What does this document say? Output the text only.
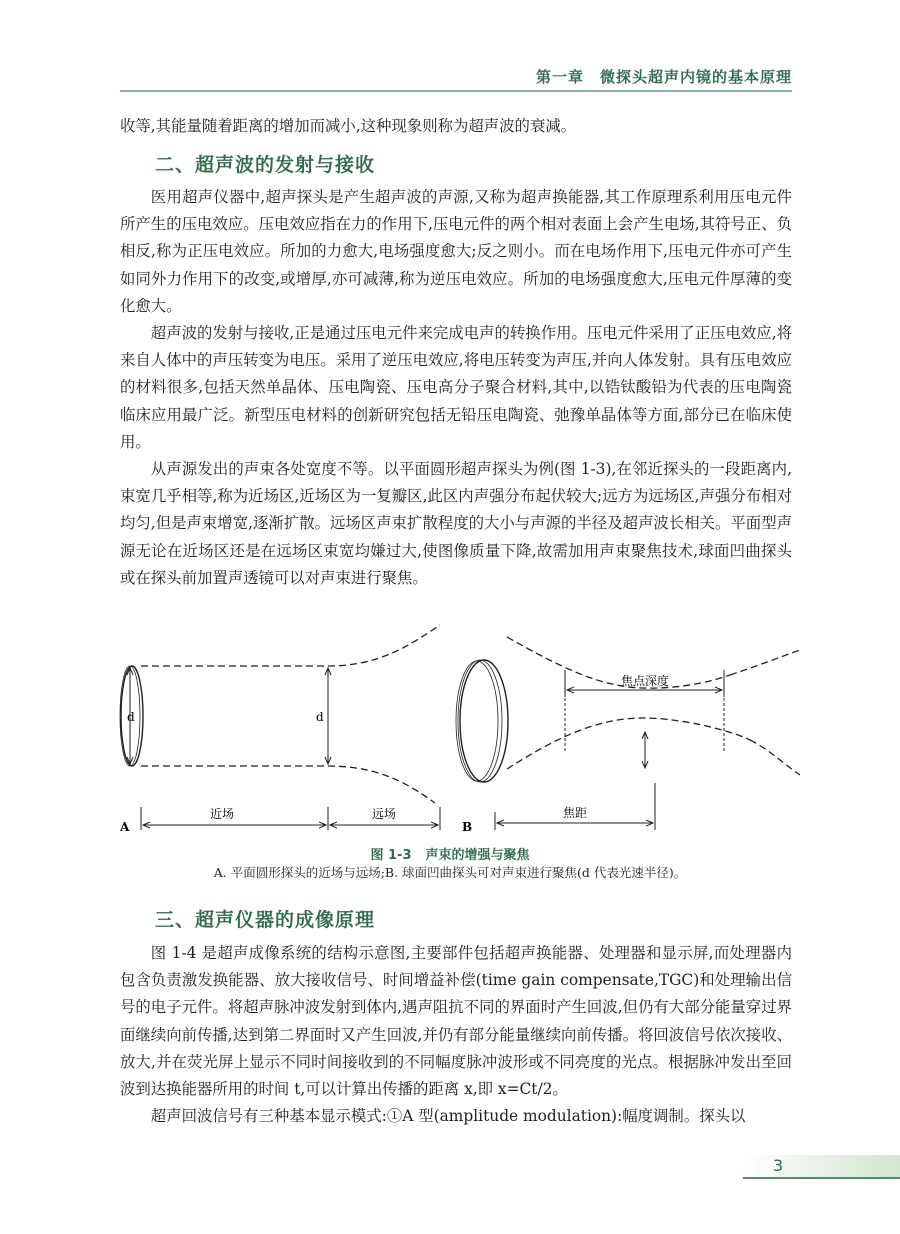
第一章　微探头超声内镜的基本原理

收等,其能量随着距离的增加而减小,这种现象则称为超声波的衰减。

二、超声波的发射与接收

医用超声仪器中,超声探头是产生超声波的声源,又称为超声换能器,其工作原理系利用压电元件所产生的压电效应。压电效应指在力的作用下,压电元件的两个相对表面上会产生电场,其符号正、负相反,称为正压电效应。所加的力愈大,电场强度愈大;反之则小。而在电场作用下,压电元件亦可产生如同外力作用下的改变,或增厚,亦可减薄,称为逆压电效应。所加的电场强度愈大,压电元件厚薄的变化愈大。

超声波的发射与接收,正是通过压电元件来完成电声的转换作用。压电元件采用了正压电效应,将来自人体中的声压转变为电压。采用了逆压电效应,将电压转变为声压,并向人体发射。具有压电效应的材料很多,包括天然单晶体、压电陶瓷、压电高分子聚合材料,其中,以锆钛酸铅为代表的压电陶瓷临床应用最广泛。新型压电材料的创新研究包括无铅压电陶瓷、弛豫单晶体等方面,部分已在临床使用。

从声源发出的声束各处宽度不等。以平面圆形超声探头为例(图 1-3),在邻近探头的一段距离内,束宽几乎相等,称为近场区,近场区为一复瓣区,此区内声强分布起伏较大;远方为远场区,声强分布相对均匀,但是声束增宽,逐渐扩散。远场区声束扩散程度的大小与声源的半径及超声波长相关。平面型声源无论在近场区还是在远场区束宽均嫌过大,使图像质量下降,故需加用声束聚焦技术,球面凹曲探头或在探头前加置声透镜可以对声束进行聚焦。

d	d
近场	远场
A
焦点深度
焦距
B
图 1-3 声束的增强与聚焦
A. 平面圆形探头的近场与远场;B. 球面凹曲探头可对声束进行聚焦(d 代表光速半径)。
三、超声仪器的成像原理

图 1-4 是超声成像系统的结构示意图,主要部件包括超声换能器、处理器和显示屏,而处理器内包含负责激发换能器、放大接收信号、时间增益补偿(time gain compensate,TGC)和处理输出信号的电子元件。将超声脉冲波发射到体内,遇声阻抗不同的界面时产生回波,但仍有大部分能量穿过界面继续向前传播,达到第二界面时又产生回波,并仍有部分能量继续向前传播。将回波信号依次接收、放大,并在荧光屏上显示不同时间接收到的不同幅度脉冲波形或不同亮度的光点。根据脉冲发出至回波到达换能器所用的时间 t,可以计算出传播的距离 x,即 x=Ct/2。

超声回波信号有三种基本显示模式:①A 型(amplitude modulation):幅度调制。探头以

3
